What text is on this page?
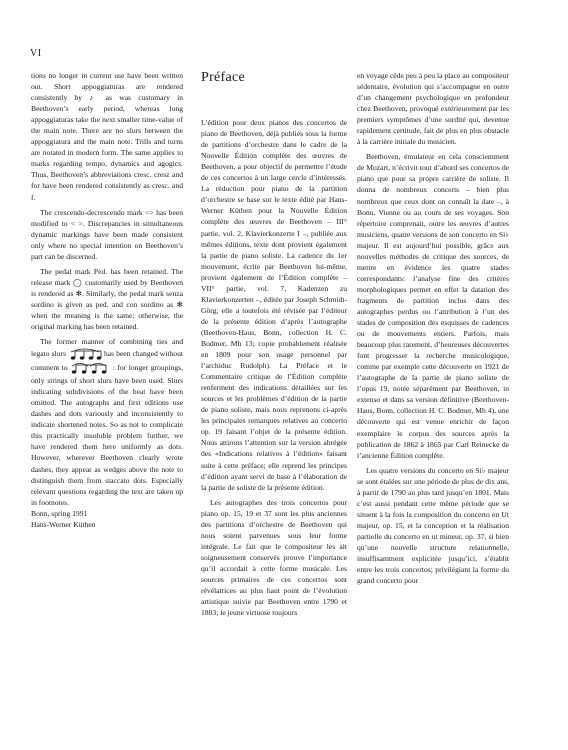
VI

tions no longer in current use have been written out. Short appoggiaturas are rendered consistently by ♪ as was customary in Beethoven’s early period, whereas long appoggiaturas take the next smaller time-value of the main note. There are no slurs between the appoggiatura and the main note. Trills and turns are notated in modern form. The same applies to marks regarding tempo, dynamics and agogics. Thus, Beethoven’s abbreviations cresc. cresz and for have been rendered consistently as cresc. and f.

The crescendo-decrescendo mark <> has been modified to < >. Discrepancies in simultaneous dynamic markings have been made consistent only where no special intention on Beethoven’s part can be discerned.

The pedal mark Ped. has been retained. The release mark ◯ customarily used by Beethoven is rendered as ✻. Similarly, the pedal mark senza sordino is given as ped. and con sordino as ✻ when the meaning is the same; otherwise, the original marking has been retained.

The former manner of combining ties and legato slurs	has been changed without comment to	: for longer groupings, only strings of short slurs have been used. Slurs indicating subdivisions of the beat have been omitted. The autographs and first editions use dashes and dots variously and inconsistently to indicate shortened notes. So as not to complicate this practically insoluble problem further, we have rendered them here uniformly as dots. However, wherever Beethoven clearly wrote dashes, they appear as wedges above the note to distinguish them from staccato dots. Especially relevant questions regarding the text are taken up in footnotes.

Bonn, spring 1991

Hans-Werner Küthen

Préface

L’édition pour deux pianos des concertos de piano de Beethoven, déjà publiés sous la forme de partitions d’orchestre dans le cadre de la Nouvelle Édition complète des œuvres de Beethoven, a pour objectif de permettre l’étude de ces concertos à un large cercle d’intéressés. La réduction pour piano de la partition d’orchestre se base sur le texte édité par Hans-Werner Küthen pour la Nouvelle Édition complète des œuvres de Beethoven – III° partie, vol. 2, Klavierkonzerte I –, publiée aux mêmes éditions, texte dont provient également la partie de piano soliste. La cadence du 1er mouvement, écrite par Beethoven lui-même, provient également de l’Édition complète – VII° partie, vol. 7, Kadenzen zu Klavierkonzerten –, éditée par Joseph Schmidt-Görg; elle a toutefois été révisée par l’éditeur de la présente édition d’après l’autographe (Beethoven-Haus, Bonn, collection H. C. Bodmer, Mh 13; copie probablement réalisée en 1809 pour son usage personnel par l’archiduc Rudolph). La Préface et le Commentaire critique de l’Édition complète renferment des indications détaillées sur les sources et les problèmes d’édition de la partie de piano soliste, mais nous reprenons ci-après les principales remarques relatives au concerto op. 19 faisant l’objet de la présente édition. Nous attirons l’attention sur la version abrégée des «Indications relatives à l’édition» faisant suite à cette préface; elle reprend les principes d’édition ayant servi de base à l’élaboration de la partie de soliste de la présente édition.

Les autographes des trois concertos pour piano op. 15, 19 et 37 sont les plus anciennes des partitions d’orchestre de Beethoven qui nous soient parvenues sous leur forme intégrale. Le fait que le compositeur les ait soigneusement conservés prouve l’importance qu’il accordait à cette forme musicale. Les sources primaires de ces concertos sont révélatrices au plus haut point de l’évolution artistique suivie par Beethoven entre 1790 et 1803; le jeune virtuose toujours

en voyage cède peu à peu la place au compositeur sédentaire, évolution qui s’accompagne en outre d’un changement psychologique en profondeur chez Beethoven, provoqué extérieurement par les premiers symptômes d’une surdité qui, devenue rapidement certitude, fait de plus en plus obstacle à la carrière initiale du musicien.

Beethoven, émulateur en cela consciemment de Mozart, n’écrivit tout d’abord ses concertos de piano que pour sa propre carrière de soliste. Il donna de nombreux concerts – bien plus nombreux que ceux dont on connaît la date –, à Bonn, Vienne ou au cours de ses voyages. Son répertoire comprenait, outre les œuvres d’autres musiciens, quatre versions de son concerto en Si♭ majeur. Il est aujourd’hui possible, grâce aux nouvelles méthodes de critique des sources, de mettre en évidence les quatre stades correspondants: l’analyse fine des critères morphologiques permet en effet la datation des fragments de partition inclus dans des autographes perdus ou l’attribution à l’un des stades de composition des esquisses de cadences ou de mouvements entiers. Parfois, mais beaucoup plus rarement, d’heureuses découvertes font progresser la recherche musicologique, comme par exemple cette découverte en 1921 de l’autographe de la partie de piano soliste de l’opus 19, notée séparément par Beethoven, in extenso et dans sa version définitive (Beethoven-Haus, Bonn, collection H. C. Bodmer, Mh 4), une découverte qui est venue enrichir de façon exemplaire le corpus des sources après la publication de 1862 à 1865 par Carl Reinecke de l’ancienne Édition complète.

Les quatre versions du concerto en Si♭ majeur se sont étalées sur une période de plus de dix ans, à partir de 1790 au plus tard jusqu’en 1801. Mais c’est aussi pendant cette même période que se situent à la fois la composition du concerto en Ut majeur, op. 15, et la conception et la réalisation partielle du concerto en ut mineur, op. 37, si bien qu’une nouvelle structure relationnelle, insuffisamment explicitée jusqu’ici, s’établit entre les trois concertos; privilégiant la forme du grand concerto pour
